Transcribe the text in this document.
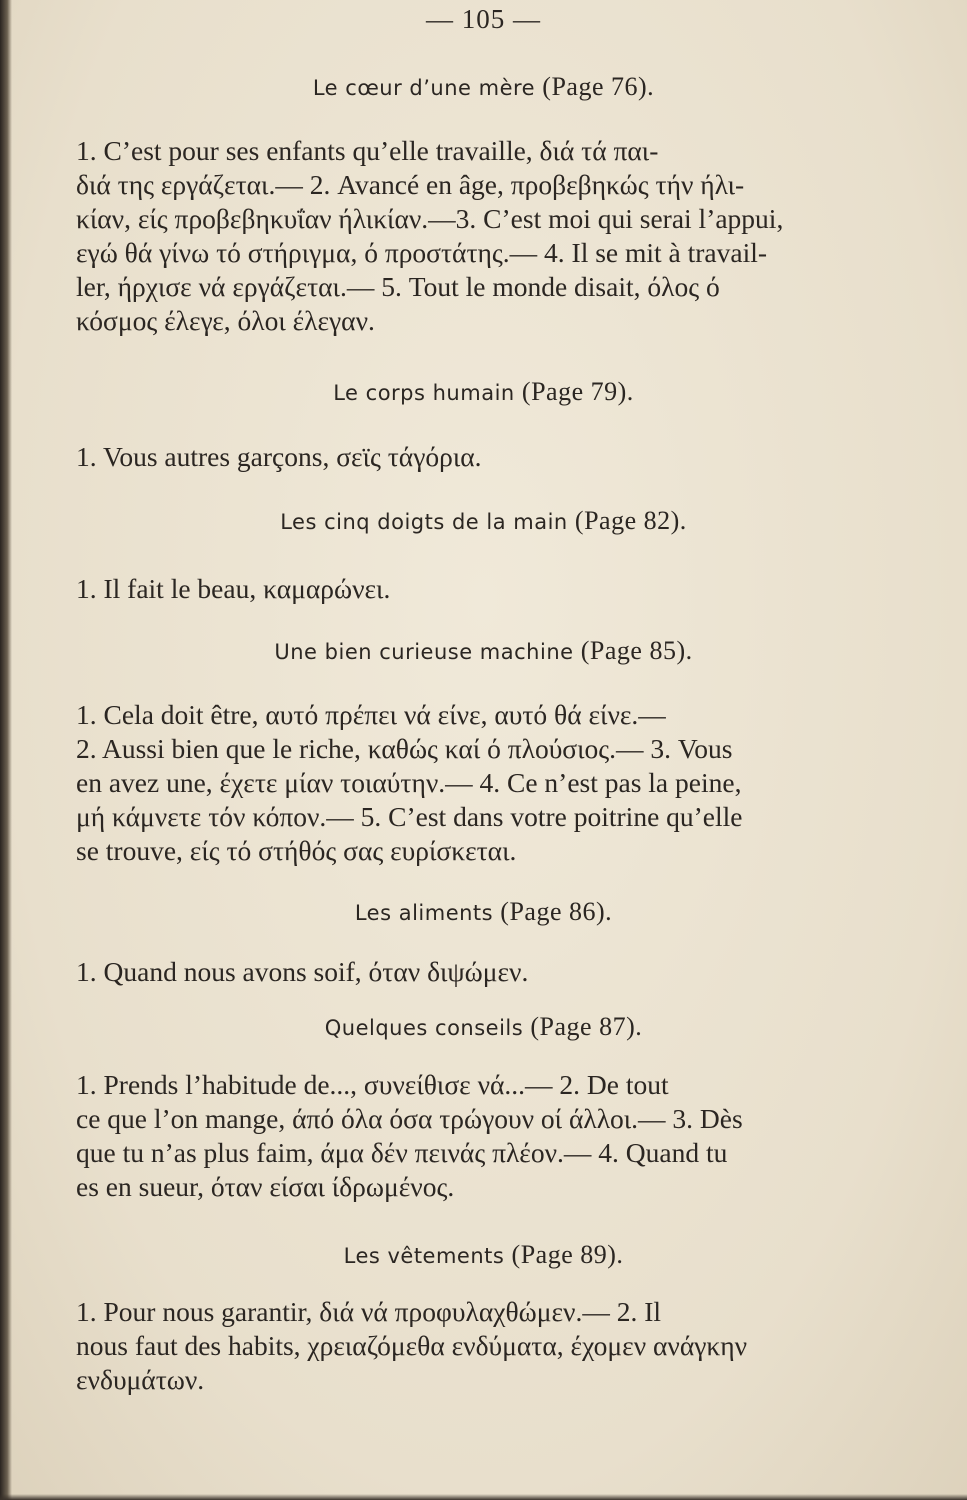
— 105 —
Le cœur d’une mère (Page 76).
1. C’est pour ses enfants qu’elle travaille, διά τά παι-
διά της εργάζεται.— 2. Avancé en âge, προβεβηκώς τήν ήλι-
κίαν, είς προβεβηκυΐαν ήλικίαν.—3. C’est moi qui serai l’appui,
εγώ θά γίνω τό στήριγμα, ό προστάτης.— 4. Il se mit à travail-
ler, ήρχισε νά εργάζεται.— 5. Tout le monde disait, όλος ό
κόσμος έλεγε, όλοι έλεγαν.
Le corps humain (Page 79).
1. Vous autres garçons, σεϊς τάγόρια.
Les cinq doigts de la main (Page 82).
1. Il fait le beau, καμαρώνει.
Une bien curieuse machine (Page 85).
1. Cela doit être, αυτό πρέπει νά είνε, αυτό θά είνε.—
2. Aussi bien que le riche, καθώς καί ό πλούσιος.— 3. Vous
en avez une, έχετε μίαν τοιαύτην.— 4. Ce n’est pas la peine,
μή κάμνετε τόν κόπον.— 5. C’est dans votre poitrine qu’elle
se trouve, είς τό στήθός σας ευρίσκεται.
Les aliments (Page 86).
1. Quand nous avons soif, όταν διψώμεν.
Quelques conseils (Page 87).
1. Prends l’habitude de..., συνείθισε νά...— 2. De tout
ce que l’on mange, άπό όλα όσα τρώγουν οί άλλοι.— 3. Dès
que tu n’as plus faim, άμα δέν πεινάς πλέον.— 4. Quand tu
es en sueur, όταν είσαι ίδρωμένος.
Les vêtements (Page 89).
1. Pour nous garantir, διά νά προφυλαχθώμεν.— 2. Il
nous faut des habits, χρειαζόμεθα ενδύματα, έχομεν ανάγκην
ενδυμάτων.
